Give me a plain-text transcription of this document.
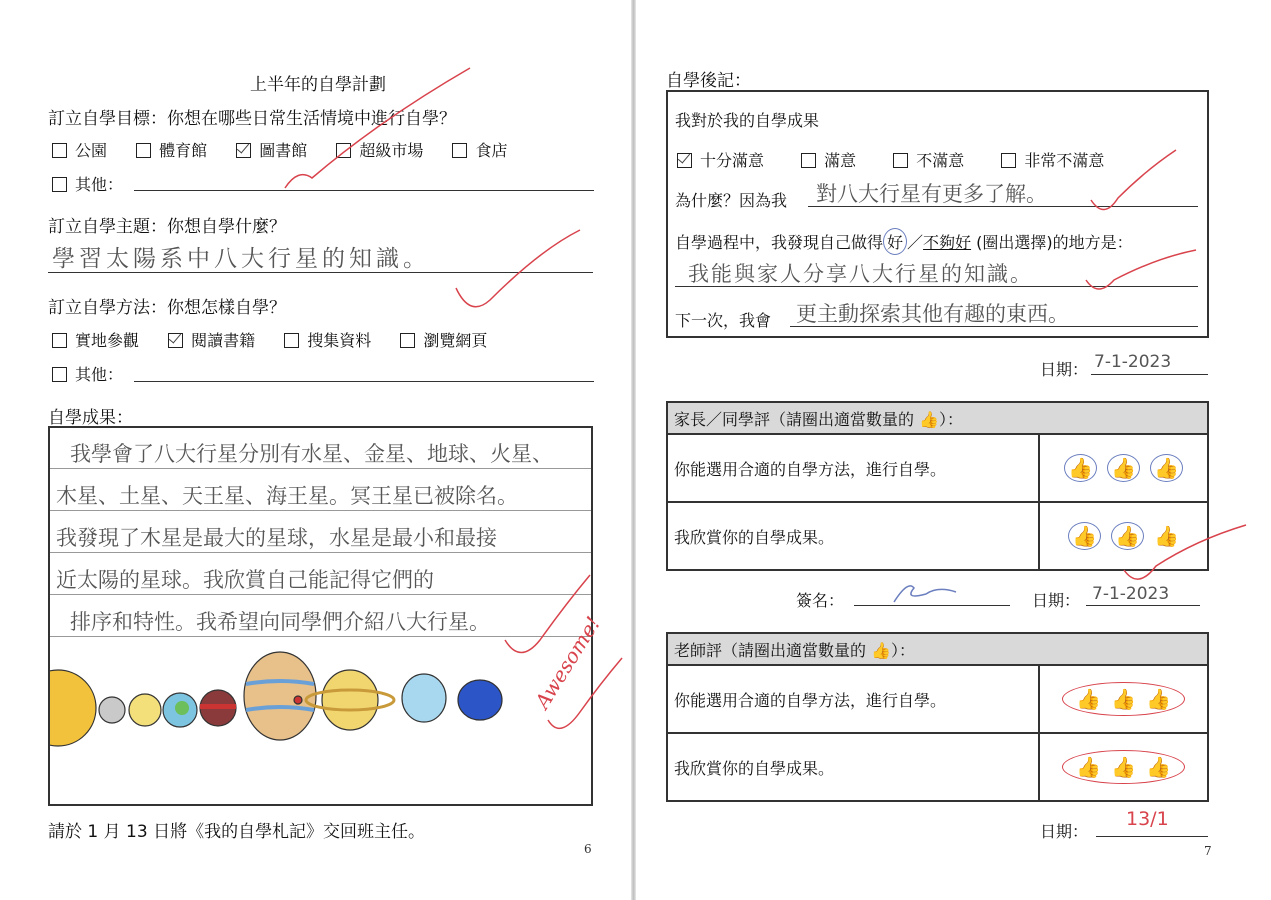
上半年的自學計劃
訂立自學目標：你想在哪些日常生活情境中進行自學？
公園	體育館	圖書館	超級市場	食店
其他：
訂立自學主題：你想自學什麼？
學習太陽系中八大行星的知識。
訂立自學方法：你想怎樣自學？
實地參觀	閱讀書籍	搜集資料	瀏覽網頁
其他：
自學成果：
我學會了八大行星分別有水星、金星、地球、火星、
木星、土星、天王星、海王星。冥王星已被除名。
我發現了木星是最大的星球，水星是最小和最接
近太陽的星球。我欣賞自己能記得它們的
排序和特性。我希望向同學們介紹八大行星。 Awesome!
請於 1 月 13 日將《我的自學札記》交回班主任。
6
自學後記：
我對於我的自學成果
十分滿意	滿意	不滿意	非常不滿意
為什麼？因為我 對八大行星有更多了解。
自學過程中，我發現自己做得 好 ／不夠好 (圈出選擇)的地方是：
我能與家人分享八大行星的知識。
下一次，我會 更主動探索其他有趣的東西。
日期： 7-1-2023
家長／同學評（請圈出適當數量的 👍）：	
你能選用合適的自學方法，進行自學。	👍 👍 👍
我欣賞你的自學成果。	👍 👍 👍
簽名：	日期： 7-1-2023
老師評（請圈出適當數量的 👍）：	
你能選用合適的自學方法，進行自學。	👍 👍 👍
我欣賞你的自學成果。	👍 👍 👍
日期：
13/1
7
